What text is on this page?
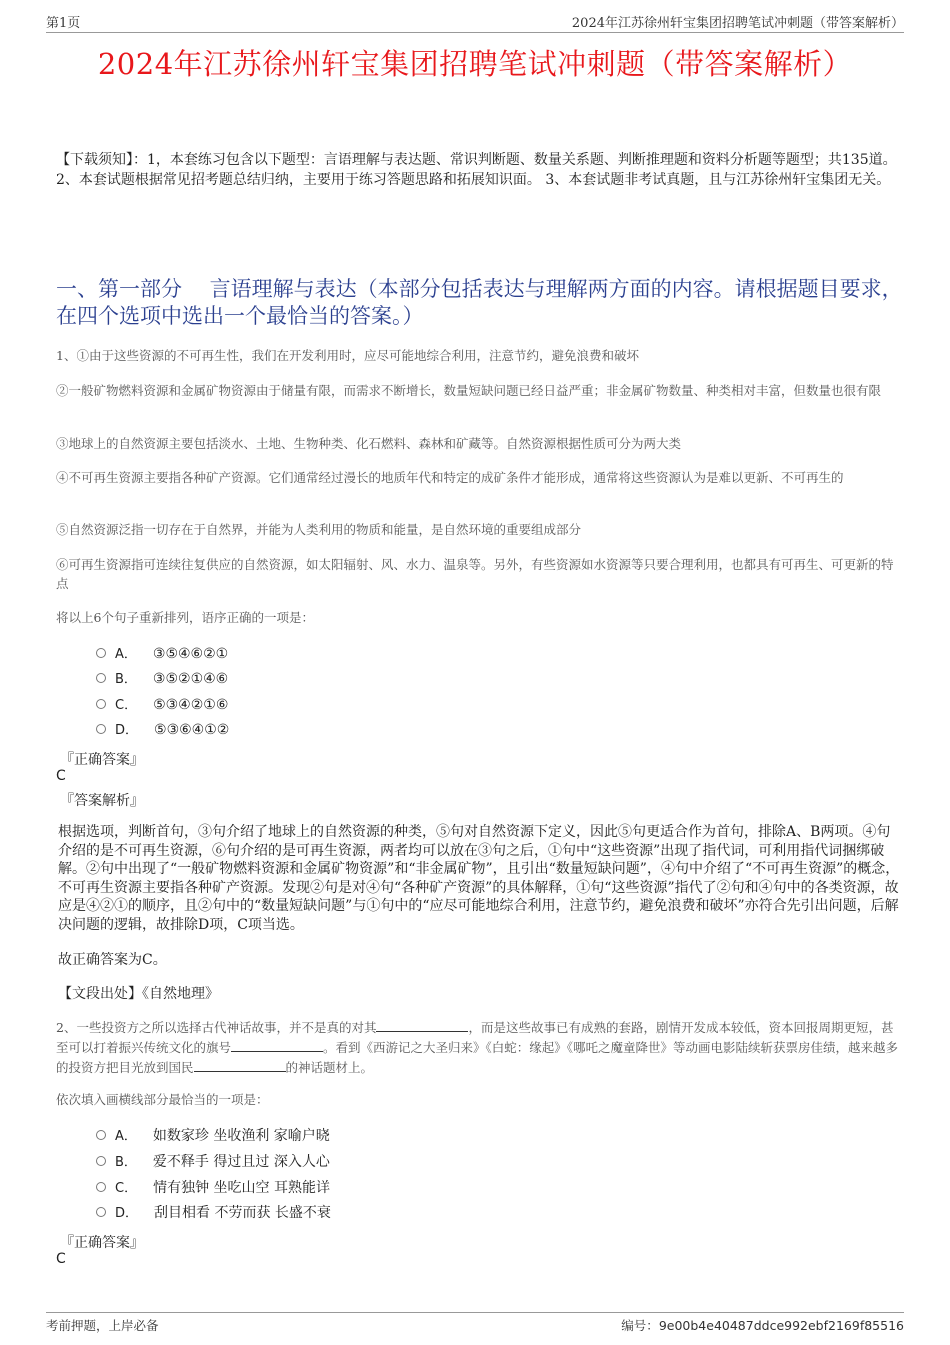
第1页	2024年江苏徐州轩宝集团招聘笔试冲刺题（带答案解析）
2024年江苏徐州轩宝集团招聘笔试冲刺题（带答案解析）
【下载须知】：1，本套练习包含以下题型：言语理解与表达题、常识判断题、数量关系题、判断推理题和资料分析题等题型；共135道。 2、本套试题根据常见招考题总结归纳，主要用于练习答题思路和拓展知识面。 3、本套试题非考试真题，且与江苏徐州轩宝集团无关。
一、第一部分　 言语理解与表达（本部分包括表达与理解两方面的内容。请根据题目要求，在四个选项中选出一个最恰当的答案。）
1、①由于这些资源的不可再生性，我们在开发利用时，应尽可能地综合利用，注意节约，避免浪费和破坏
②一般矿物燃料资源和金属矿物资源由于储量有限，而需求不断增长，数量短缺问题已经日益严重；非金属矿物数量、种类相对丰富，但数量也很有限
③地球上的自然资源主要包括淡水、土地、生物种类、化石燃料、森林和矿藏等。自然资源根据性质可分为两大类
④不可再生资源主要指各种矿产资源。它们通常经过漫长的地质年代和特定的成矿条件才能形成，通常将这些资源认为是难以更新、不可再生的
⑤自然资源泛指一切存在于自然界，并能为人类利用的物质和能量，是自然环境的重要组成部分
⑥可再生资源指可连续往复供应的自然资源，如太阳辐射、风、水力、温泉等。另外，有些资源如水资源等只要合理利用，也都具有可再生、可更新的特点
将以上6个句子重新排列，语序正确的一项是：
A． ③⑤④⑥②①
B． ③⑤②①④⑥
C． ⑤③④②①⑥
D． ⑤③⑥④①②
『正确答案』
C
『答案解析』
根据选项，判断首句，③句介绍了地球上的自然资源的种类，⑤句对自然资源下定义，因此⑤句更适合作为首句，排除A、B两项。④句介绍的是不可再生资源，⑥句介绍的是可再生资源，两者均可以放在③句之后，①句中“这些资源”出现了指代词，可利用指代词捆绑破解。②句中出现了“一般矿物燃料资源和金属矿物资源”和“非金属矿物”，且引出“数量短缺问题”，④句中介绍了“不可再生资源”的概念，不可再生资源主要指各种矿产资源。发现②句是对④句“各种矿产资源”的具体解释，①句“这些资源”指代了②句和④句中的各类资源，故应是④②①的顺序，且②句中的“数量短缺问题”与①句中的“应尽可能地综合利用，注意节约，避免浪费和破坏”亦符合先引出问题，后解决问题的逻辑，故排除D项，C项当选。
故正确答案为C。
【文段出处】《自然地理》
2、一些投资方之所以选择古代神话故事，并不是真的对其	，而是这些故事已有成熟的套路，剧情开发成本较低，资本回报周期更短，甚至可以打着振兴传统文化的旗号	。看到《西游记之大圣归来》《白蛇：缘起》《哪吒之魔童降世》等动画电影陆续斩获票房佳绩，越来越多的投资方把目光放到国民	的神话题材上。
依次填入画横线部分最恰当的一项是：
A． 如数家珍 坐收渔利 家喻户晓
B． 爱不释手 得过且过 深入人心
C． 情有独钟 坐吃山空 耳熟能详
D． 刮目相看 不劳而获 长盛不衰
『正确答案』
C
考前押题，上岸必备	编号：9e00b4e40487ddce992ebf2169f85516
